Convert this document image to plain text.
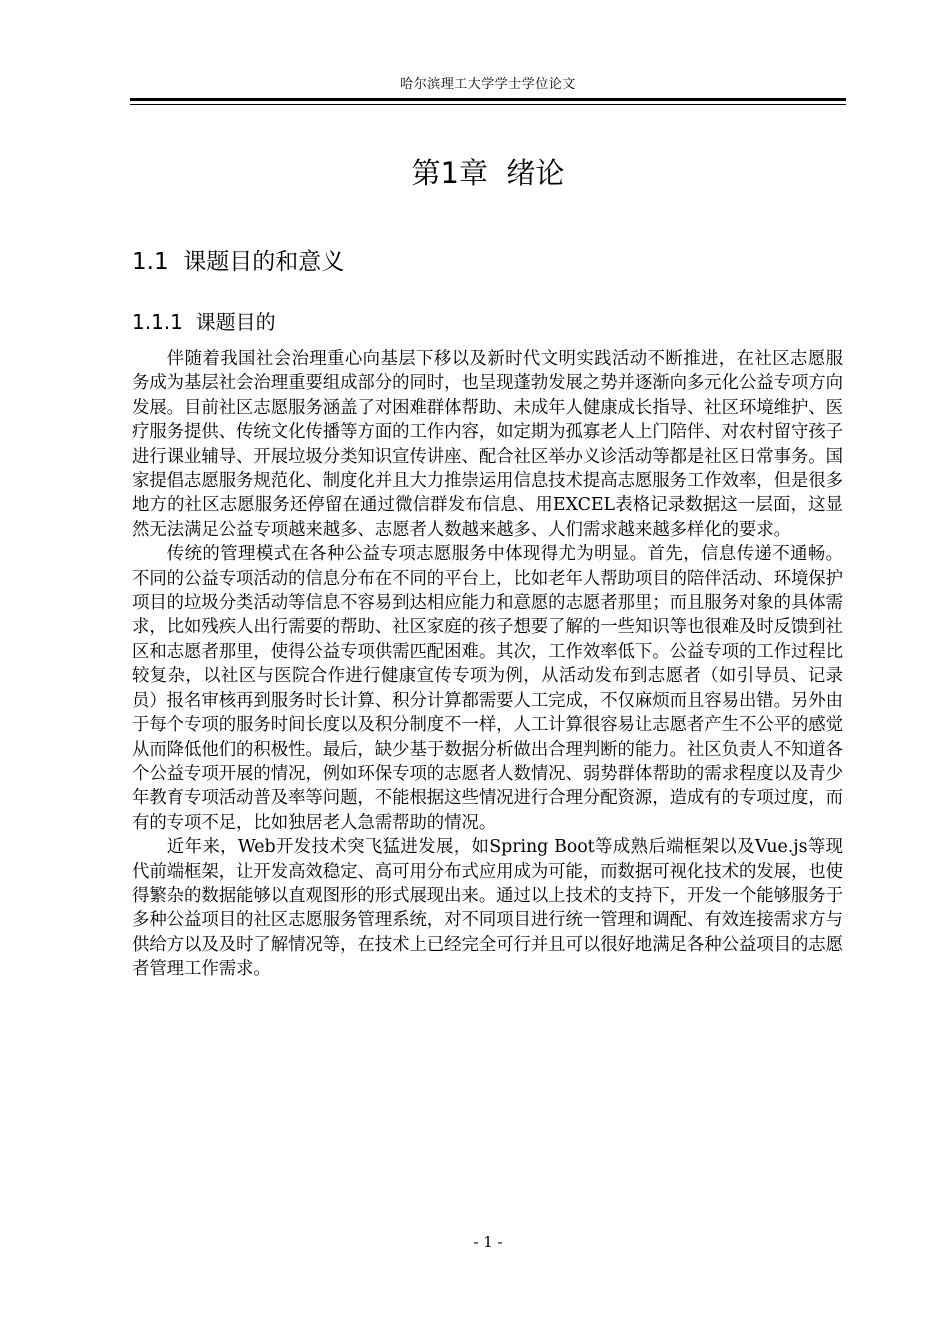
哈尔滨理工大学学士学位论文
第1章  绪论
1.1  课题目的和意义
1.1.1  课题目的

伴随着我国社会治理重心向基层下移以及新时代文明实践活动不断推进，在社区志愿服务成为基层社会治理重要组成部分的同时，也呈现蓬勃发展之势并逐渐向多元化公益专项方向发展。目前社区志愿服务涵盖了对困难群体帮助、未成年人健康成长指导、社区环境维护、医疗服务提供、传统文化传播等方面的工作内容，如定期为孤寡老人上门陪伴、对农村留守孩子进行课业辅导、开展垃圾分类知识宣传讲座、配合社区举办义诊活动等都是社区日常事务。国家提倡志愿服务规范化、制度化并且大力推崇运用信息技术提高志愿服务工作效率，但是很多地方的社区志愿服务还停留在通过微信群发布信息、用EXCEL表格记录数据这一层面，这显然无法满足公益专项越来越多、志愿者人数越来越多、人们需求越来越多样化的要求。

传统的管理模式在各种公益专项志愿服务中体现得尤为明显。首先，信息传递不通畅。不同的公益专项活动的信息分布在不同的平台上，比如老年人帮助项目的陪伴活动、环境保护项目的垃圾分类活动等信息不容易到达相应能力和意愿的志愿者那里；而且服务对象的具体需求，比如残疾人出行需要的帮助、社区家庭的孩子想要了解的一些知识等也很难及时反馈到社区和志愿者那里，使得公益专项供需匹配困难。其次，工作效率低下。公益专项的工作过程比较复杂，以社区与医院合作进行健康宣传专项为例，从活动发布到志愿者（如引导员、记录员）报名审核再到服务时长计算、积分计算都需要人工完成，不仅麻烦而且容易出错。另外由于每个专项的服务时间长度以及积分制度不一样，人工计算很容易让志愿者产生不公平的感觉从而降低他们的积极性。最后，缺少基于数据分析做出合理判断的能力。社区负责人不知道各个公益专项开展的情况，例如环保专项的志愿者人数情况、弱势群体帮助的需求程度以及青少年教育专项活动普及率等问题，不能根据这些情况进行合理分配资源，造成有的专项过度，而有的专项不足，比如独居老人急需帮助的情况。

近年来，Web开发技术突飞猛进发展，如Spring Boot等成熟后端框架以及Vue.js等现代前端框架，让开发高效稳定、高可用分布式应用成为可能，而数据可视化技术的发展，也使得繁杂的数据能够以直观图形的形式展现出来。通过以上技术的支持下，开发一个能够服务于多种公益项目的社区志愿服务管理系统，对不同项目进行统一管理和调配、有效连接需求方与供给方以及及时了解情况等，在技术上已经完全可行并且可以很好地满足各种公益项目的志愿者管理工作需求。

- 1 -
